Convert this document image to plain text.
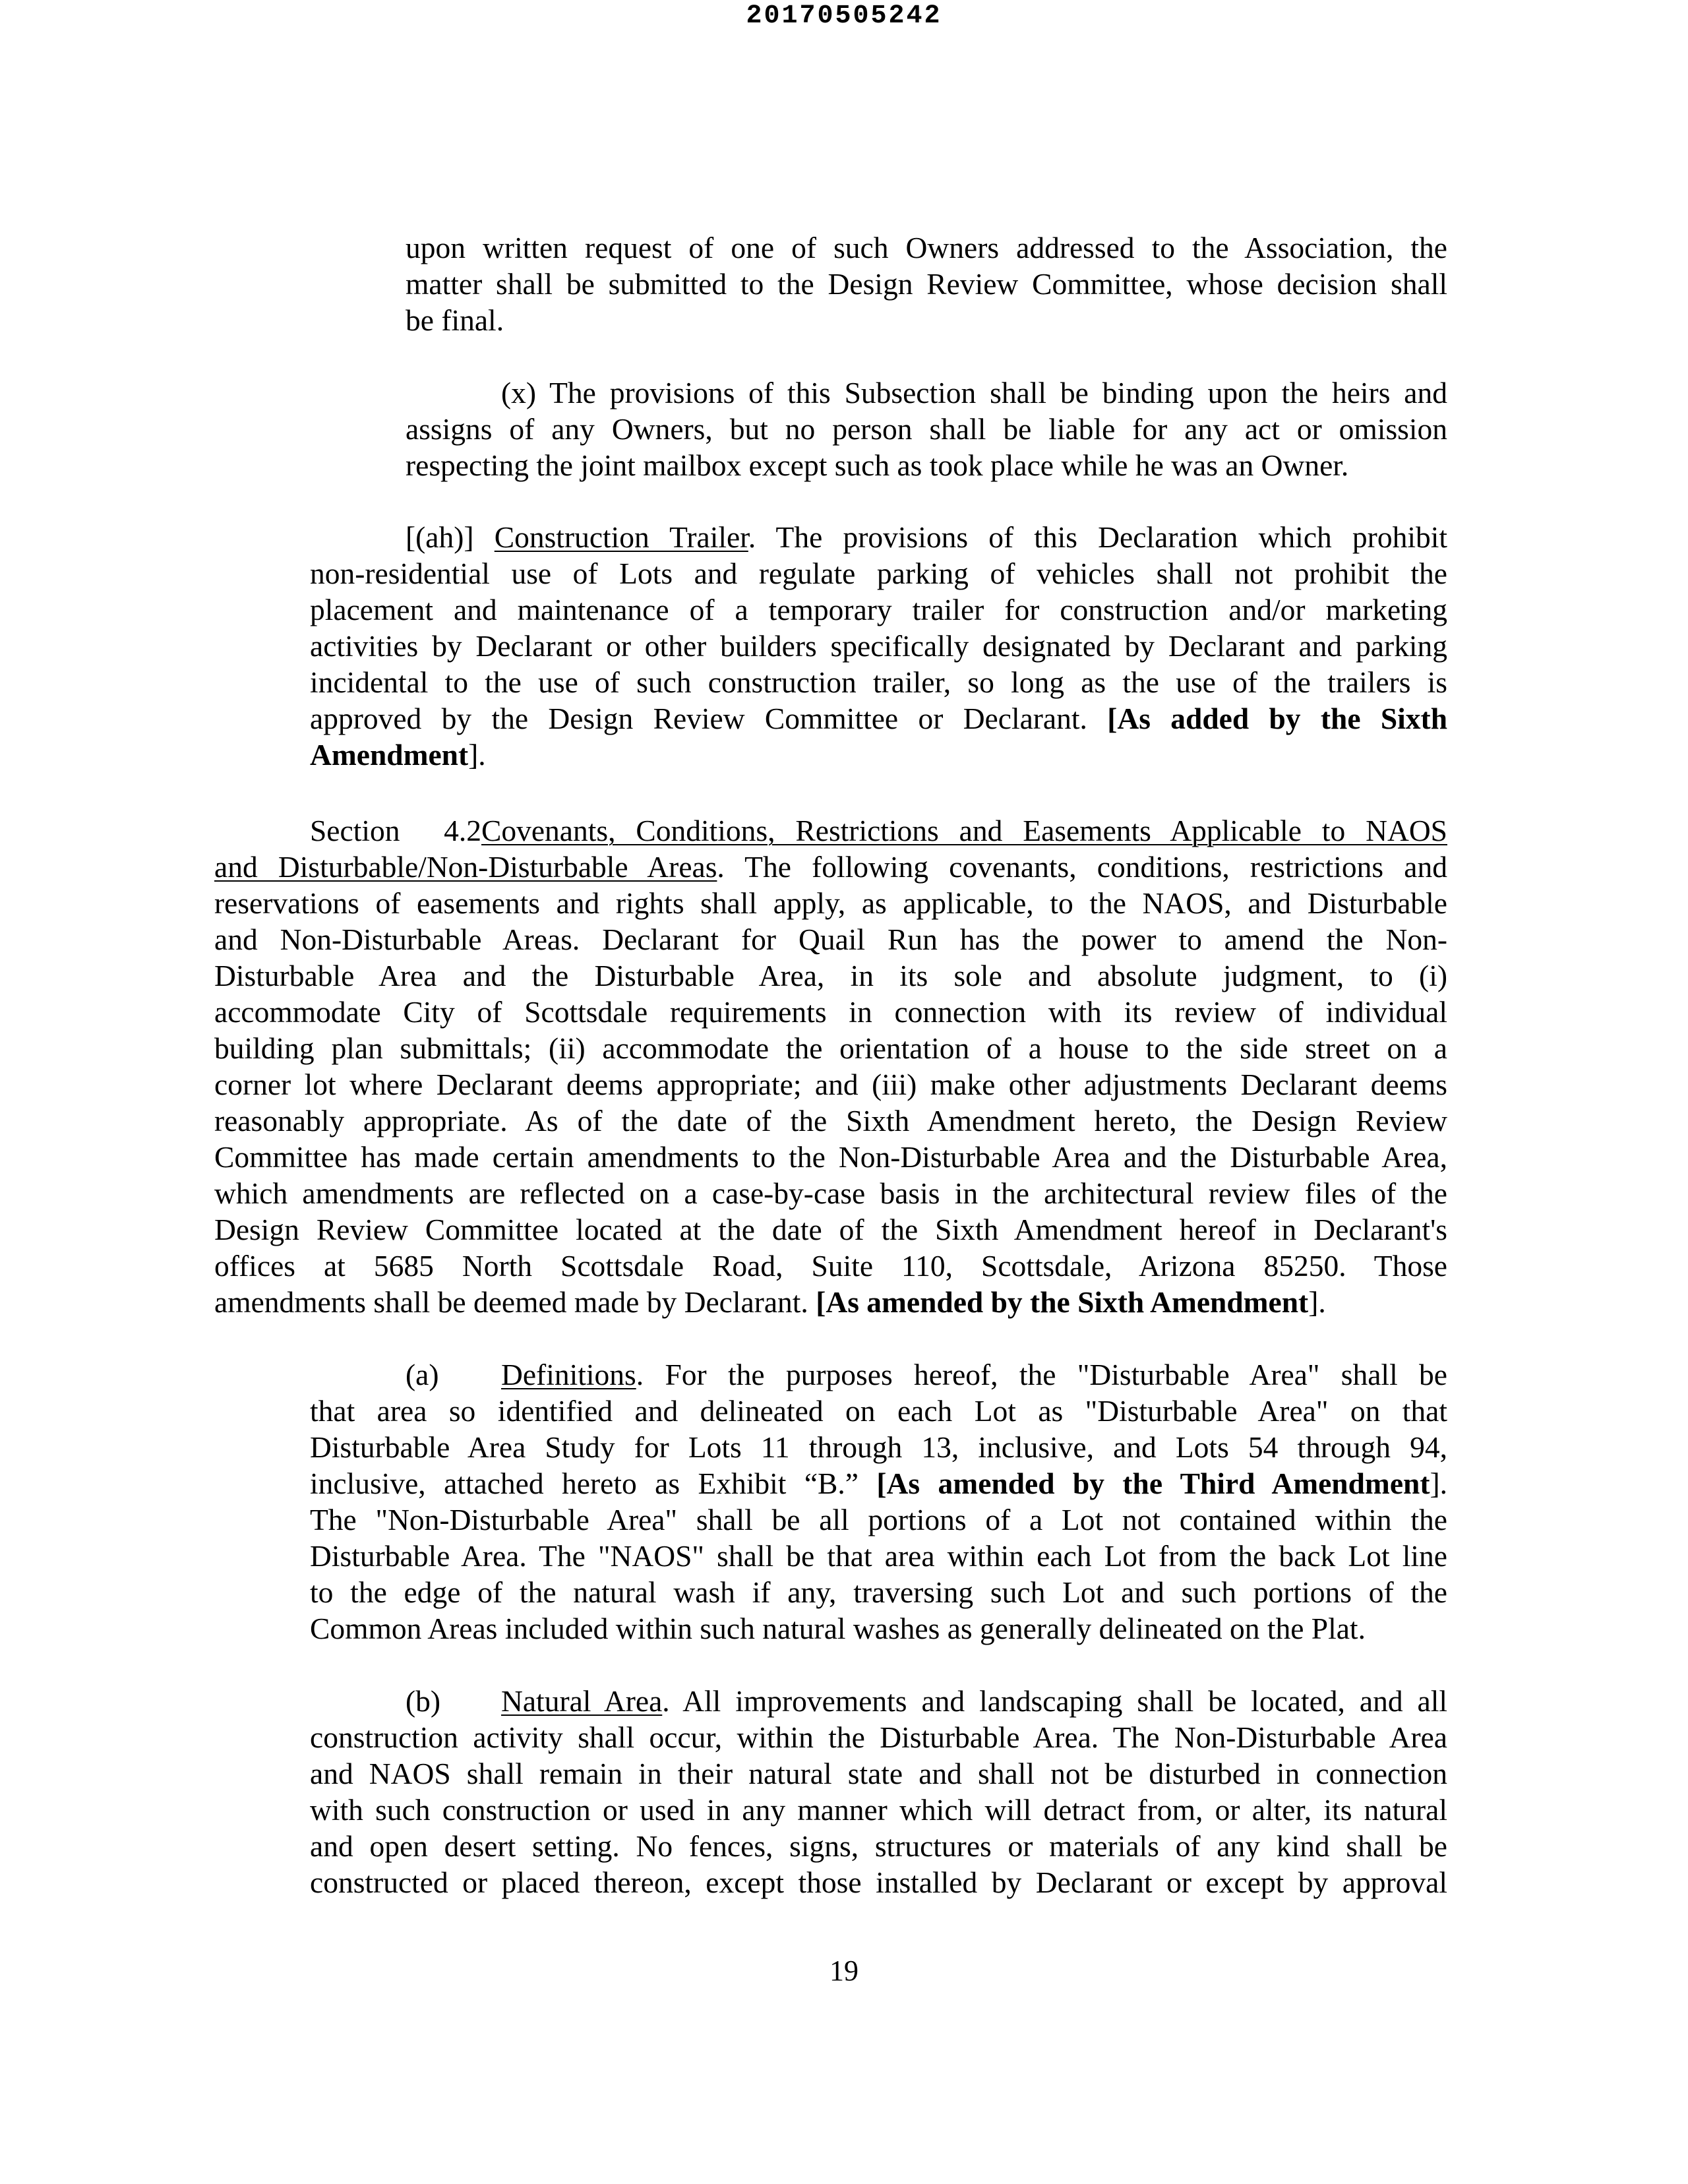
20170505242
upon written request of one of such Owners addressed to the Association, the
matter shall be submitted to the Design Review Committee, whose decision shall
be final.
(x) The provisions of this Subsection shall be binding upon the heirs and
assigns of any Owners, but no person shall be liable for any act or omission
respecting the joint mailbox except such as took place while he was an Owner.
[(ah)] Construction Trailer. The provisions of this Declaration which prohibit
non-residential use of Lots and regulate parking of vehicles shall not prohibit the
placement and maintenance of a temporary trailer for construction and/or marketing
activities by Declarant or other builders specifically designated by Declarant and parking
incidental to the use of such construction trailer, so long as the use of the trailers is
approved by the Design Review Committee or Declarant. [As added by the Sixth
Amendment].
Section 4.2Covenants, Conditions, Restrictions and Easements Applicable to NAOS
and Disturbable/Non-Disturbable Areas. The following covenants, conditions, restrictions and
reservations of easements and rights shall apply, as applicable, to the NAOS, and Disturbable
and Non-Disturbable Areas. Declarant for Quail Run has the power to amend the Non-
Disturbable Area and the Disturbable Area, in its sole and absolute judgment, to (i)
accommodate City of Scottsdale requirements in connection with its review of individual
building plan submittals; (ii) accommodate the orientation of a house to the side street on a
corner lot where Declarant deems appropriate; and (iii) make other adjustments Declarant deems
reasonably appropriate. As of the date of the Sixth Amendment hereto, the Design Review
Committee has made certain amendments to the Non-Disturbable Area and the Disturbable Area,
which amendments are reflected on a case-by-case basis in the architectural review files of the
Design Review Committee located at the date of the Sixth Amendment hereof in Declarant's
offices at 5685 North Scottsdale Road, Suite 110, Scottsdale, Arizona 85250. Those
amendments shall be deemed made by Declarant. [As amended by the Sixth Amendment].
(a) Definitions. For the purposes hereof, the "Disturbable Area" shall be
that area so identified and delineated on each Lot as "Disturbable Area" on that
Disturbable Area Study for Lots 11 through 13, inclusive, and Lots 54 through 94,
inclusive, attached hereto as Exhibit “B.” [As amended by the Third Amendment].
The "Non-Disturbable Area" shall be all portions of a Lot not contained within the
Disturbable Area. The "NAOS" shall be that area within each Lot from the back Lot line
to the edge of the natural wash if any, traversing such Lot and such portions of the
Common Areas included within such natural washes as generally delineated on the Plat.
(b) Natural Area. All improvements and landscaping shall be located, and all
construction activity shall occur, within the Disturbable Area. The Non-Disturbable Area
and NAOS shall remain in their natural state and shall not be disturbed in connection
with such construction or used in any manner which will detract from, or alter, its natural
and open desert setting. No fences, signs, structures or materials of any kind shall be
constructed or placed thereon, except those installed by Declarant or except by approval
19
